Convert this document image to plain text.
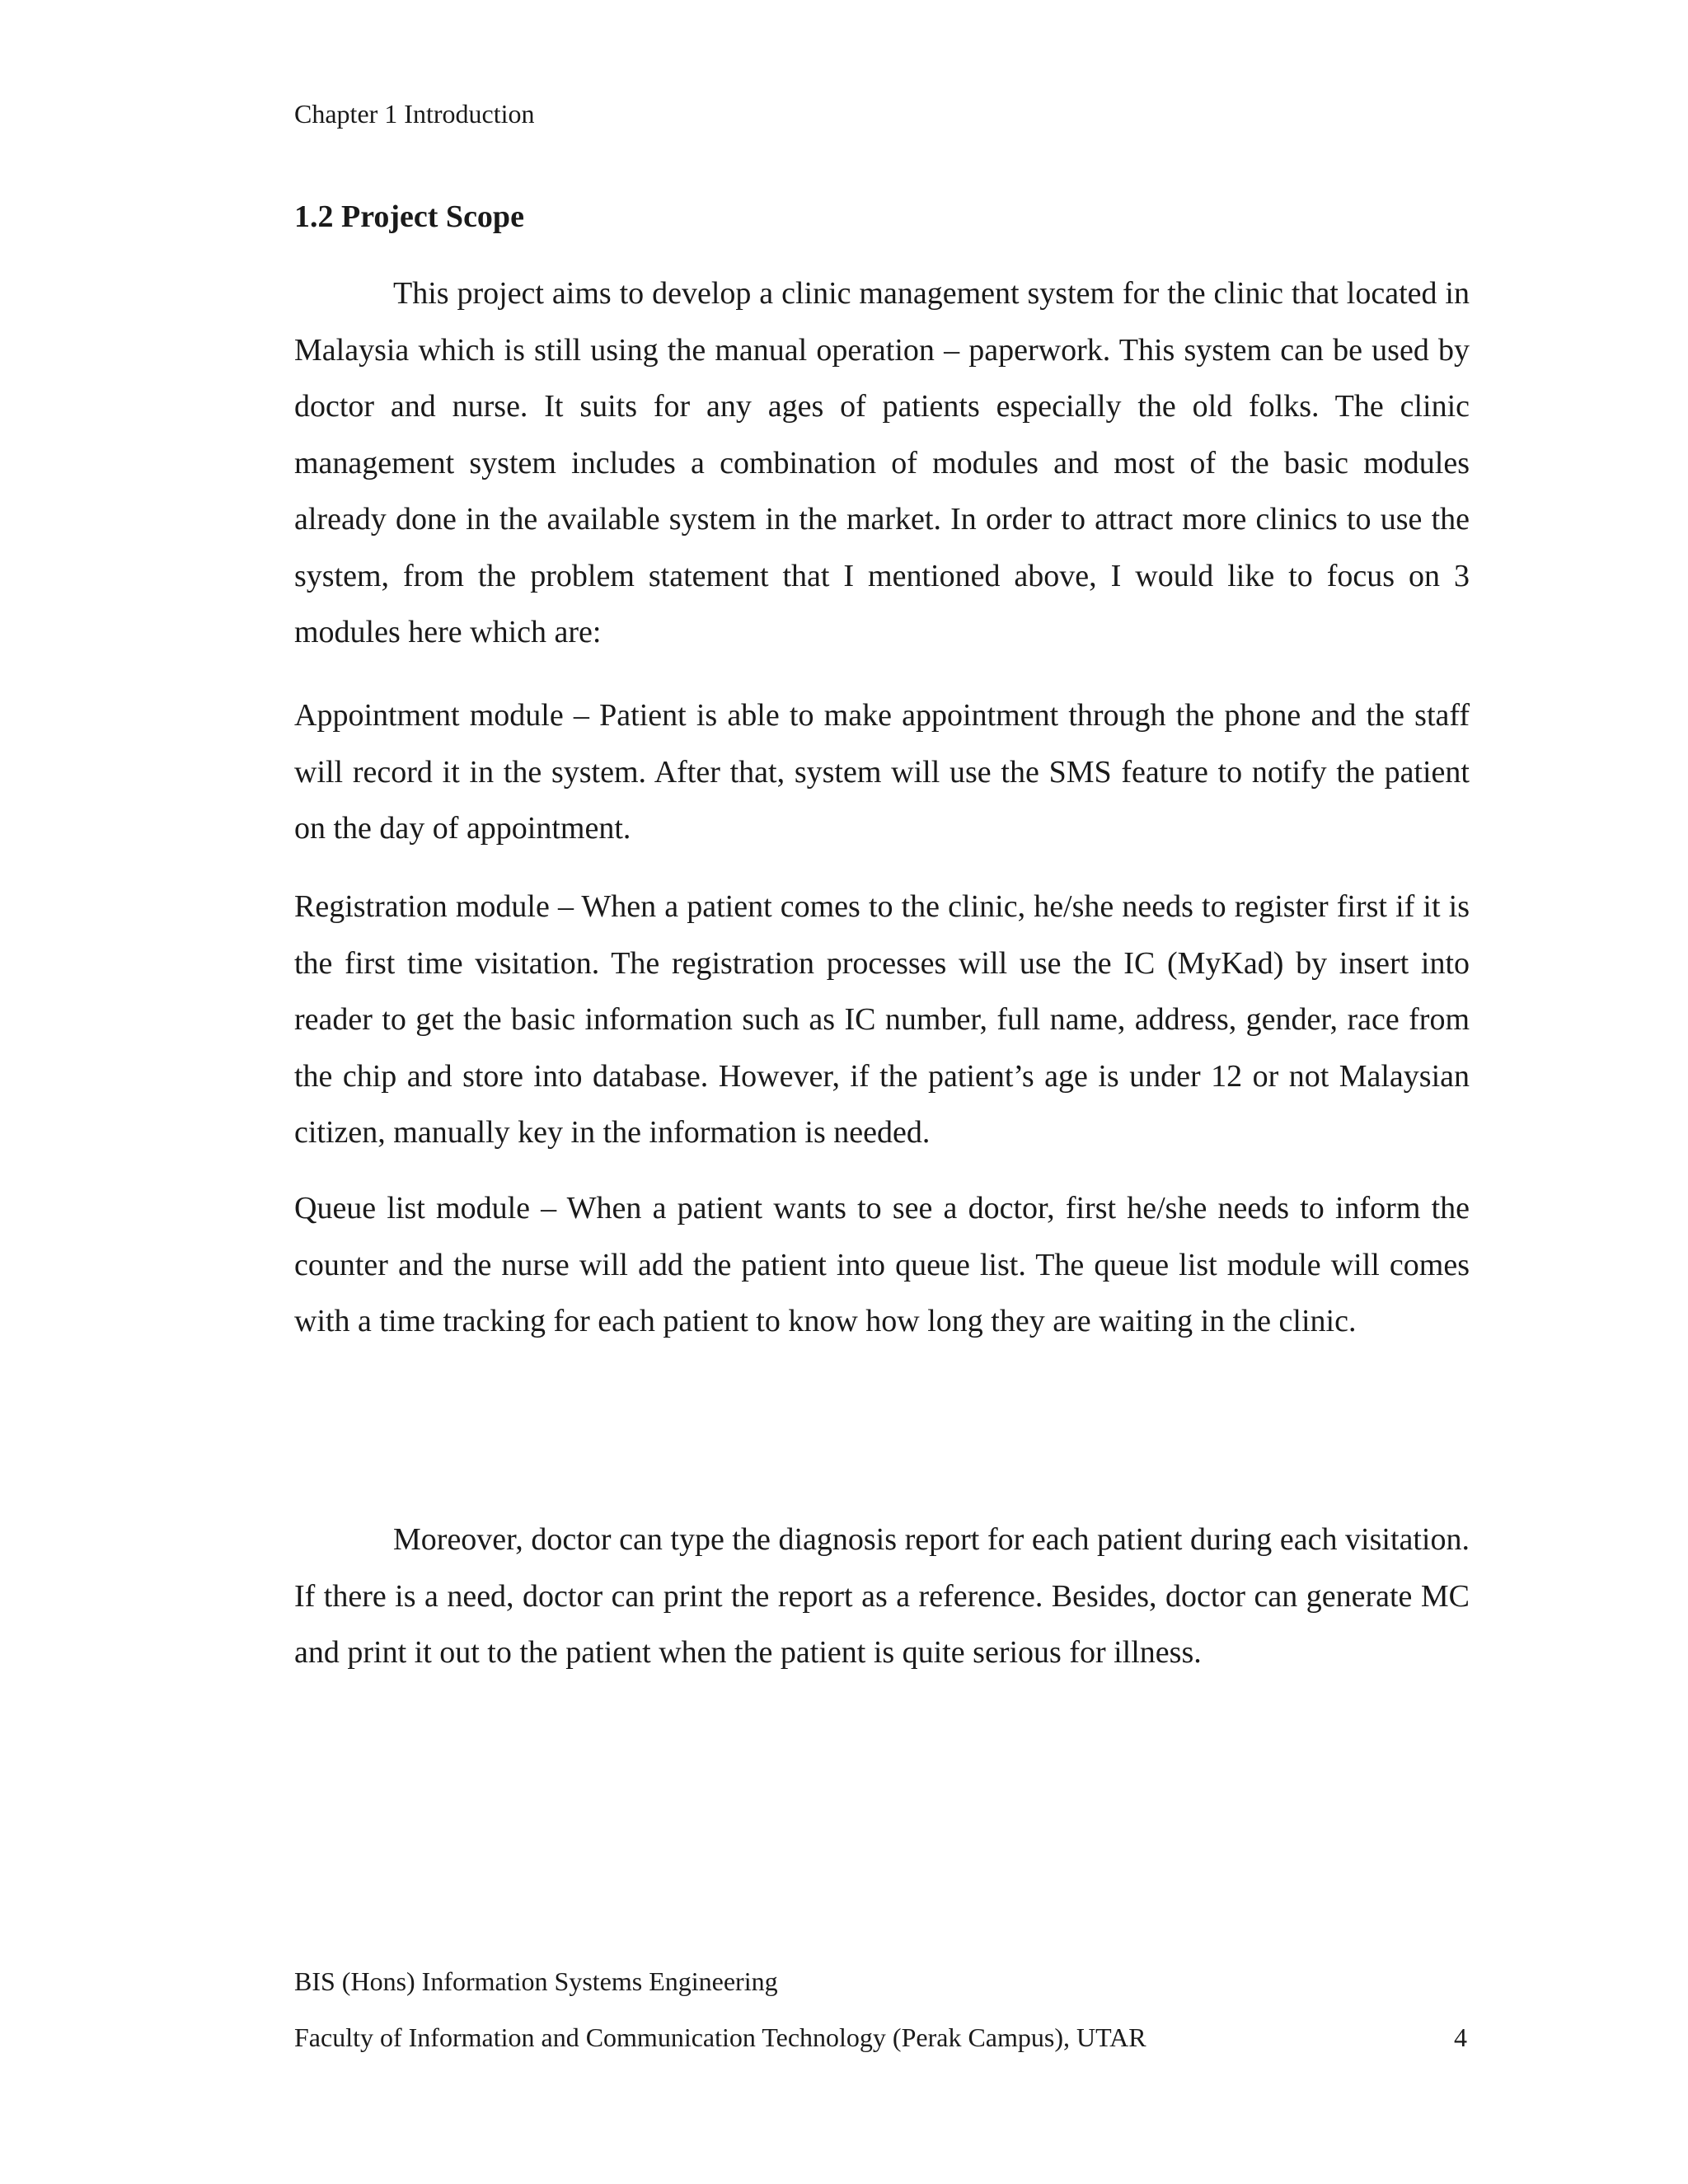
Chapter 1 Introduction
1.2 Project Scope

This project aims to develop a clinic management system for the clinic that located in Malaysia which is still using the manual operation – paperwork. This system can be used by doctor and nurse. It suits for any ages of patients especially the old folks. The clinic management system includes a combination of modules and most of the basic modules already done in the available system in the market. In order to attract more clinics to use the system, from the problem statement that I mentioned above, I would like to focus on 3 modules here which are:

Appointment module – Patient is able to make appointment through the phone and the staff will record it in the system. After that, system will use the SMS feature to notify the patient on the day of appointment.

Registration module – When a patient comes to the clinic, he/she needs to register first if it is the first time visitation. The registration processes will use the IC (MyKad) by insert into reader to get the basic information such as IC number, full name, address, gender, race from the chip and store into database. However, if the patient’s age is under 12 or not Malaysian citizen, manually key in the information is needed.

Queue list module – When a patient wants to see a doctor, first he/she needs to inform the counter and the nurse will add the patient into queue list. The queue list module will comes with a time tracking for each patient to know how long they are waiting in the clinic.

Moreover, doctor can type the diagnosis report for each patient during each visitation. If there is a need, doctor can print the report as a reference. Besides, doctor can generate MC and print it out to the patient when the patient is quite serious for illness.

BIS (Hons) Information Systems Engineering
Faculty of Information and Communication Technology (Perak Campus), UTAR	4
